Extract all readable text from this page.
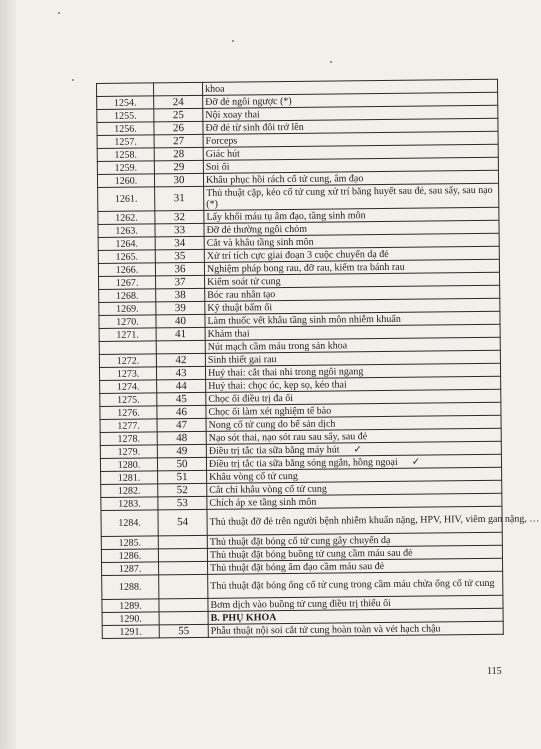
		khoa
1254.	24	Đỡ đẻ ngôi ngược (*)
1255.	25	Nội xoay thai
1256.	26	Đỡ đẻ từ sinh đôi trở lên
1257.	27	Forceps
1258.	28	Giác hút
1259.	29	Soi ối
1260.	30	Khâu phục hồi rách cổ tử cung, âm đạo
1261.	31	Thủ thuật cặp, kéo cổ tử cung xử trí băng huyết sau đẻ, sau sẩy, sau nạo (*)
1262.	32	Lấy khối máu tụ âm đạo, tầng sinh môn
1263.	33	Đỡ đẻ thường ngôi chỏm
1264.	34	Cắt và khâu tầng sinh môn
1265.	35	Xử trí tích cực giai đoạn 3 cuộc chuyển dạ đẻ
1266.	36	Nghiệm pháp bong rau, đỡ rau, kiểm tra bánh rau
1267.	37	Kiểm soát tử cung
1268.	38	Bóc rau nhân tạo
1269.	39	Kỹ thuật bấm ối
1270.	40	Làm thuốc vết khâu tầng sinh môn nhiễm khuẩn
1271.	41	Khám thai
		Nút mạch cầm máu trong sản khoa
1272.	42	Sinh thiết gai rau
1273.	43	Huỷ thai: cắt thai nhi trong ngôi ngang
1274.	44	Huỷ thai: chọc óc, kẹp sọ, kéo thai
1275.	45	Chọc ối điều trị đa ối
1276.	46	Chọc ối làm xét nghiệm tế bào
1277.	47	Nong cổ tử cung do bế sản dịch
1278.	48	Nạo sót thai, nạo sót rau sau sẩy, sau đẻ
1279.	49	Điều trị tắc tia sữa bằng máy hút ✓
1280.	50	Điều trị tắc tia sữa bằng sóng ngắn, hồng ngoại ✓
1281.	51	Khâu vòng cổ tử cung
1282.	52	Cắt chỉ khâu vòng cổ tử cung
1283.	53	Chích áp xe tầng sinh môn
1284.	54	Thủ thuật đỡ đẻ trên người bệnh nhiễm khuẩn nặng, HPV, HIV, viêm gan nặng, …
1285.		Thủ thuật đặt bóng cổ tử cung gây chuyển dạ
1286.		Thủ thuật đặt bóng buồng tử cung cầm máu sau đẻ
1287.		Thủ thuật đặt bóng âm đạo cầm máu sau đẻ
1288.		Thủ thuật đặt bóng ống cổ tử cung trong cầm máu chửa ống cổ tử cung
1289.		Bơm dịch vào buồng tử cung điều trị thiểu ối
1290.		B. PHỤ KHOA
1291.	55	Phẫu thuật nội soi cắt tử cung hoàn toàn và vét hạch chậu
115
